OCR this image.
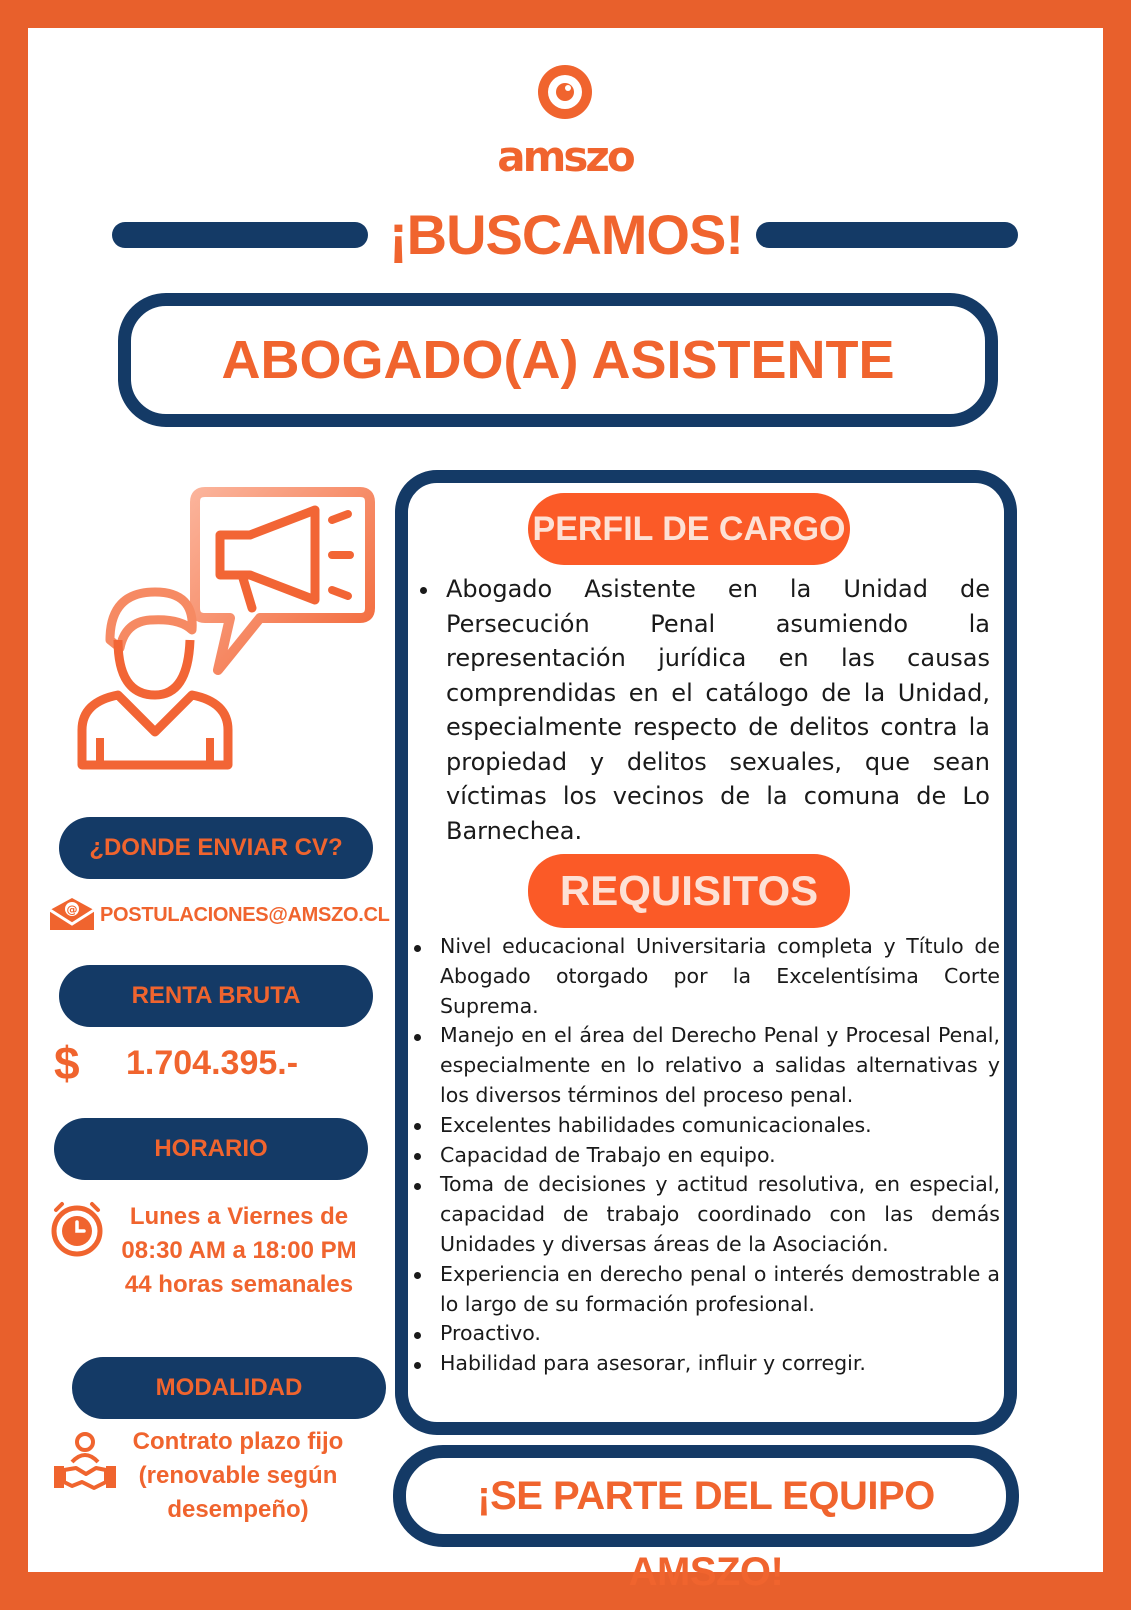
amszo
¡BUSCAMOS!
ABOGADO(A) ASISTENTE
PERFIL DE CARGO
Abogado Asistente en la Unidad de Persecución Penal asumiendo la representación jurídica en las causas comprendidas en el catálogo de la Unidad, especialmente respecto de delitos contra la propiedad y delitos sexuales, que sean víctimas los vecinos de la comuna de Lo Barnechea.
REQUISITOS
Nivel educacional Universitaria completa y Título de Abogado otorgado por la Excelentísima Corte Suprema.
Manejo en el área del Derecho Penal y Procesal Penal, especialmente en lo relativo a salidas alternativas y los diversos términos del proceso penal.
Excelentes habilidades comunicacionales.
Capacidad de Trabajo en equipo.
Toma de decisiones y actitud resolutiva, en especial, capacidad de trabajo coordinado con las demás Unidades y diversas áreas de la Asociación.
Experiencia en derecho penal o interés demostrable a lo largo de su formación profesional.
Proactivo.
Habilidad para asesorar, influir y corregir.
¿DONDE ENVIAR CV?
@ POSTULACIONES@AMSZO.CL
RENTA BRUTA
$	1.704.395.-
HORARIO
Lunes a Viernes de
08:30 AM a 18:00 PM
44 horas semanales
MODALIDAD
Contrato plazo fijo
(renovable según
desempeño)	¡SE PARTE DEL EQUIPO AMSZO!
